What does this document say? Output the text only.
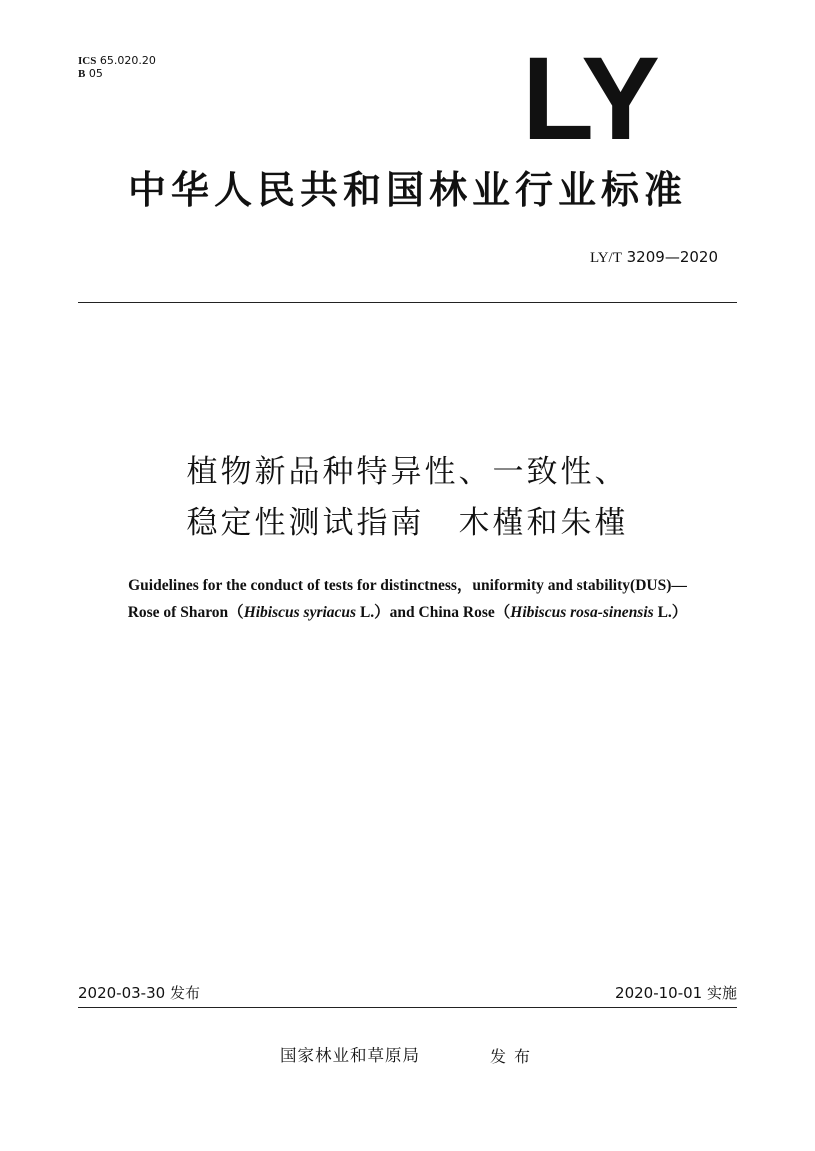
ICS 65.020.20
B 05	LY
中华人民共和国林业行业标准
LY/T 3209—2020
植物新品种特异性、一致性、
稳定性测试指南　木槿和朱槿
Guidelines for the conduct of tests for distinctness，uniformity and stability(DUS)—
Rose of Sharon（Hibiscus syriacus L.）and China Rose（Hibiscus rosa-sinensis L.）
2020-03-30 发布	2020-10-01 实施
国家林业和草原局	发布
